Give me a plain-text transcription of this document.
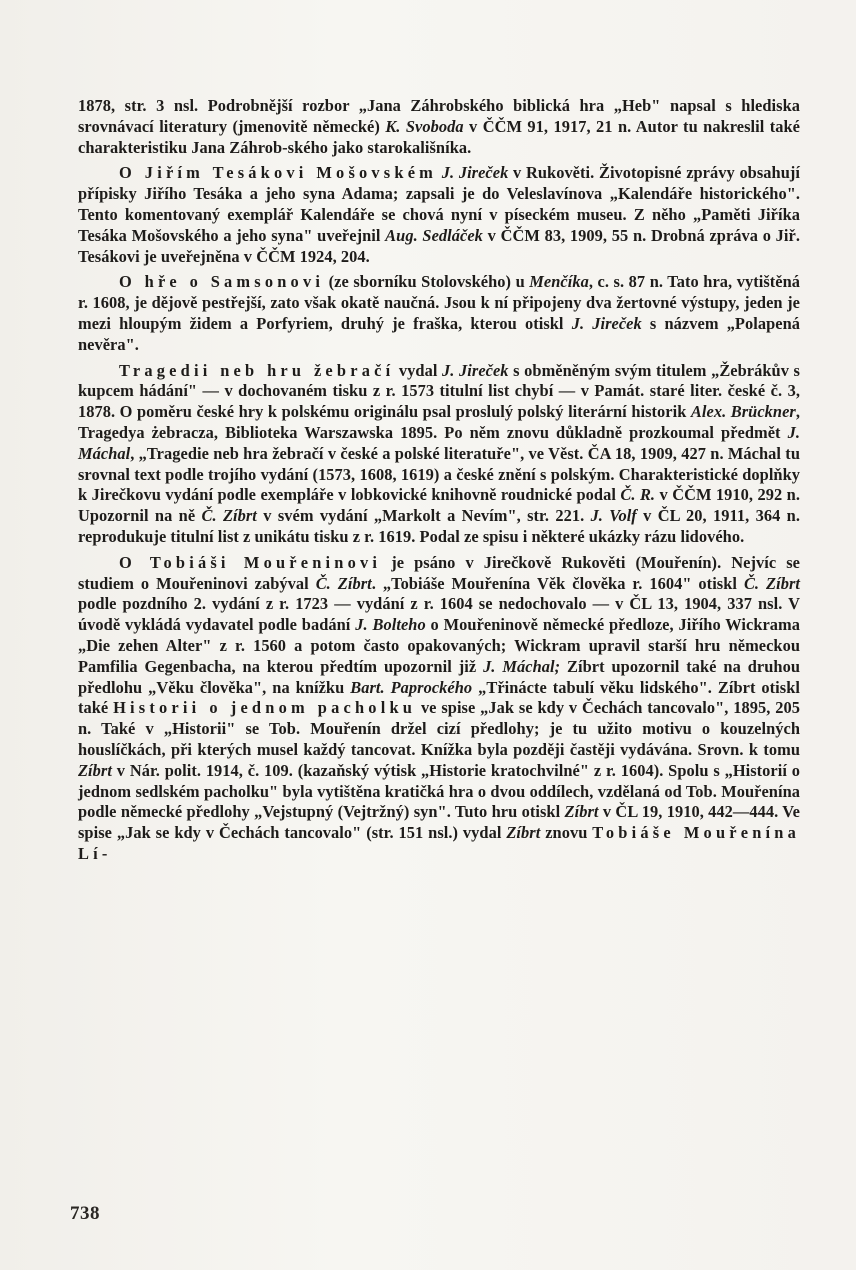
1878, str. 3 nsl. Podrobnější rozbor „Jana Záhrobského biblická hra „Heb" napsal s hlediska srovnávací literatury (jmenovitě německé) K. Svoboda v ČČM 91, 1917, 21 n. Autor tu nakreslil také charakteristiku Jana Záhrob-ského jako starokališníka.

O Jiřím Tesákovi Mošovském J. Jireček v Rukověti. Životopisné zprávy obsahují přípisky Jiřího Tesáka a jeho syna Adama; zapsali je do Veleslavínova „Kalendáře historického". Tento komentovaný exemplář Kalendáře se chová nyní v píseckém museu. Z něho „Paměti Jiříka Tesáka Mošovského a jeho syna" uveřejnil Aug. Sedláček v ČČM 83, 1909, 55 n. Drobná zpráva o Jiř. Tesákovi je uveřejněna v ČČM 1924, 204.

O hře o Samsonovi (ze sborníku Stolovského) u Menčíka, c. s. 87 n. Tato hra, vytištěná r. 1608, je dějově pestřejší, zato však okatě naučná. Jsou k ní připojeny dva žertovné výstupy, jeden je mezi hloupým židem a Porfyriem, druhý je fraška, kterou otiskl J. Jireček s názvem „Polapená nevěra".

Tragedii neb hru žebračí vydal J. Jireček s obměněným svým titulem „Žebrákův s kupcem hádání" — v dochovaném tisku z r. 1573 titulní list chybí — v Památ. staré liter. české č. 3, 1878. O poměru české hry k polskému originálu psal proslulý polský literární historik Alex. Brückner, Tragedya żebracza, Biblioteka Warszawska 1895. Po něm znovu důkladně prozkoumal předmět J. Máchal, „Tragedie neb hra žebračí v české a polské literatuře", ve Věst. ČA 18, 1909, 427 n. Máchal tu srovnal text podle trojího vydání (1573, 1608, 1619) a české znění s polským. Charakteristické doplňky k Jirečkovu vydání podle exempláře v lobkovické knihovně roudnické podal Č. R. v ČČM 1910, 292 n. Upozornil na ně Č. Zíbrt v svém vydání „Markolt a Nevím", str. 221. J. Volf v ČL 20, 1911, 364 n. reprodukuje titulní list z unikátu tisku z r. 1619. Podal ze spisu i některé ukázky rázu lidového.

O Tobiáši Mouřeninovi je psáno v Jirečkově Rukověti (Mouřenín). Nejvíc se studiem o Mouřeninovi zabýval Č. Zíbrt. „Tobiáše Mouřenína Věk člověka r. 1604" otiskl Č. Zíbrt podle pozdního 2. vydání z r. 1723 — vydání z r. 1604 se nedochovalo — v ČL 13, 1904, 337 nsl. V úvodě vykládá vydavatel podle badání J. Bolteho o Mouřeninově německé předloze, Jiřího Wickrama „Die zehen Alter" z r. 1560 a potom často opakovaných; Wickram upravil starší hru německou Pamfilia Gegenbacha, na kterou předtím upozornil již J. Máchal; Zíbrt upozornil také na druhou předlohu „Věku člověka", na knížku Bart. Paprockého „Třinácte tabulí věku lidského". Zíbrt otiskl také Historii o jednom pacholku ve spise „Jak se kdy v Čechách tancovalo", 1895, 205 n. Také v „Historii" se Tob. Mouřenín držel cizí předlohy; je tu užito motivu o kouzelných houslíčkách, při kterých musel každý tancovat. Knížka byla později častěji vydávána. Srovn. k tomu Zíbrt v Nár. polit. 1914, č. 109. (kazaňský výtisk „Historie kratochvilné" z r. 1604). Spolu s „Historií o jednom sedlském pacholku" byla vytištěna kratičká hra o dvou oddílech, vzdělaná od Tob. Mouřenína podle německé předlohy „Vejstupný (Vejtržný) syn". Tuto hru otiskl Zíbrt v ČL 19, 1910, 442—444. Ve spise „Jak se kdy v Čechách tancovalo" (str. 151 nsl.) vydal Zíbrt znovu Tobiáše Mouřenína Lí-

738
